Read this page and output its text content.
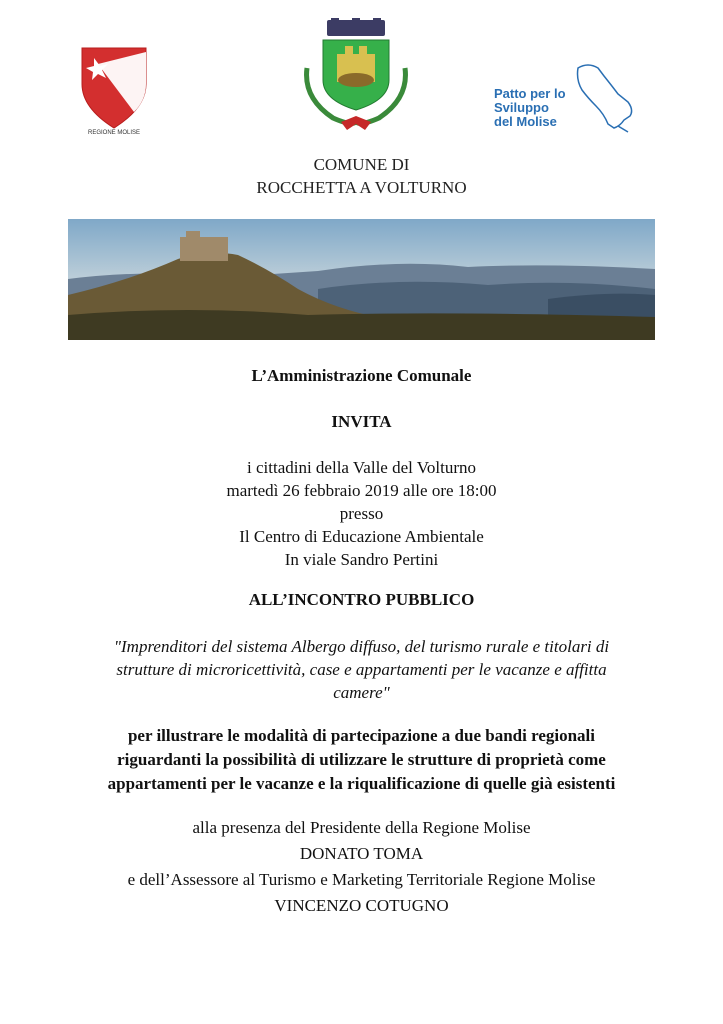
REGIONE MOLISE
Patto per lo
Sviluppo
del Molise
COMUNE DI
ROCCHETTA A VOLTURNO
L’Amministrazione Comunale
INVITA
i cittadini della Valle del Volturno
martedì 26 febbraio 2019 alle ore 18:00
presso
Il Centro di Educazione Ambientale
In viale Sandro Pertini
ALL’INCONTRO PUBBLICO
"Imprenditori del sistema Albergo diffuso, del turismo rurale e titolari di
strutture di microricettività, case e appartamenti per le vacanze e affitta
camere"
per illustrare le modalità di partecipazione a due bandi regionali
riguardanti la possibilità di utilizzare le strutture di proprietà come
appartamenti per le vacanze e la riqualificazione di quelle già esistenti
alla presenza del Presidente della Regione Molise
DONATO TOMA
e dell’Assessore al Turismo e Marketing Territoriale Regione Molise
VINCENZO COTUGNO
